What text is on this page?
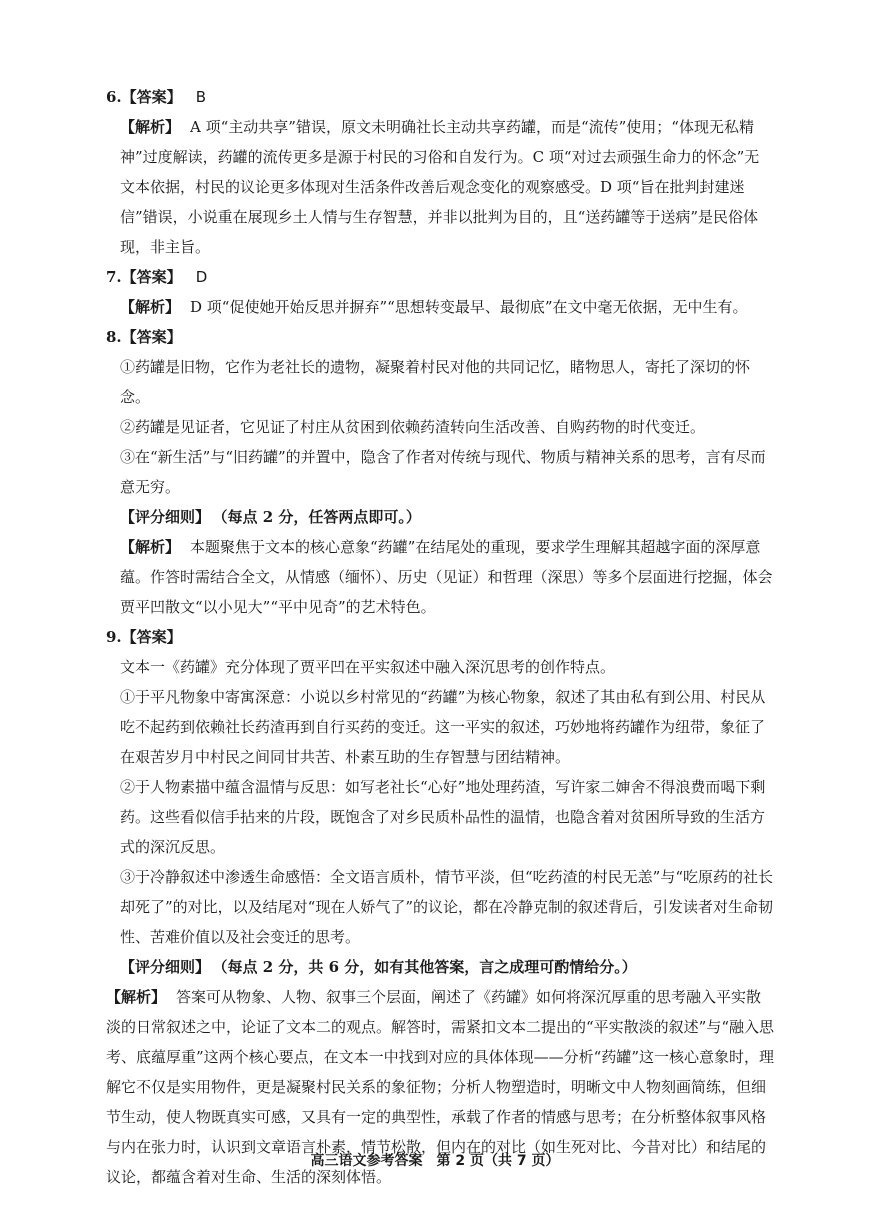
6.【答案】 B

【解析】 A 项“主动共享”错误，原文未明确社长主动共享药罐，而是“流传”使用；“体现无私精神”过度解读，药罐的流传更多是源于村民的习俗和自发行为。C 项“对过去顽强生命力的怀念”无文本依据，村民的议论更多体现对生活条件改善后观念变化的观察感受。D 项“旨在批判封建迷信”错误，小说重在展现乡土人情与生存智慧，并非以批判为目的，且“送药罐等于送病”是民俗体现，非主旨。

7.【答案】 D

【解析】 D 项“促使她开始反思并摒弃”“思想转变最早、最彻底”在文中毫无依据，无中生有。

8.【答案】

①药罐是旧物，它作为老社长的遗物，凝聚着村民对他的共同记忆，睹物思人，寄托了深切的怀念。

②药罐是见证者，它见证了村庄从贫困到依赖药渣转向生活改善、自购药物的时代变迁。

③在“新生活”与“旧药罐”的并置中，隐含了作者对传统与现代、物质与精神关系的思考，言有尽而意无穷。

【评分细则】 （每点 2 分，任答两点即可。）

【解析】 本题聚焦于文本的核心意象“药罐”在结尾处的重现，要求学生理解其超越字面的深厚意蕴。作答时需结合全文，从情感（缅怀）、历史（见证）和哲理（深思）等多个层面进行挖掘，体会贾平凹散文“以小见大”“平中见奇”的艺术特色。

9.【答案】

文本一《药罐》充分体现了贾平凹在平实叙述中融入深沉思考的创作特点。

①于平凡物象中寄寓深意：小说以乡村常见的“药罐”为核心物象，叙述了其由私有到公用、村民从吃不起药到依赖社长药渣再到自行买药的变迁。这一平实的叙述，巧妙地将药罐作为纽带，象征了在艰苦岁月中村民之间同甘共苦、朴素互助的生存智慧与团结精神。

②于人物素描中蕴含温情与反思：如写老社长“心好”地处理药渣，写许家二婶舍不得浪费而喝下剩药。这些看似信手拈来的片段，既饱含了对乡民质朴品性的温情，也隐含着对贫困所导致的生活方式的深沉反思。

③于冷静叙述中渗透生命感悟：全文语言质朴，情节平淡，但“吃药渣的村民无恙”与“吃原药的社长却死了”的对比，以及结尾对“现在人娇气了”的议论，都在冷静克制的叙述背后，引发读者对生命韧性、苦难价值以及社会变迁的思考。

【评分细则】 （每点 2 分，共 6 分，如有其他答案，言之成理可酌情给分。）

【解析】 答案可从物象、人物、叙事三个层面，阐述了《药罐》如何将深沉厚重的思考融入平实散淡的日常叙述之中，论证了文本二的观点。解答时，需紧扣文本二提出的“平实散淡的叙述”与“融入思考、底蕴厚重”这两个核心要点，在文本一中找到对应的具体体现——分析“药罐”这一核心意象时，理解它不仅是实用物件，更是凝聚村民关系的象征物；分析人物塑造时，明晰文中人物刻画简练，但细节生动，使人物既真实可感，又具有一定的典型性，承载了作者的情感与思考；在分析整体叙事风格与内在张力时，认识到文章语言朴素，情节松散，但内在的对比（如生死对比、今昔对比）和结尾的议论，都蕴含着对生命、生活的深刻体悟。

高三语文参考答案　第 2 页（共 7 页）
